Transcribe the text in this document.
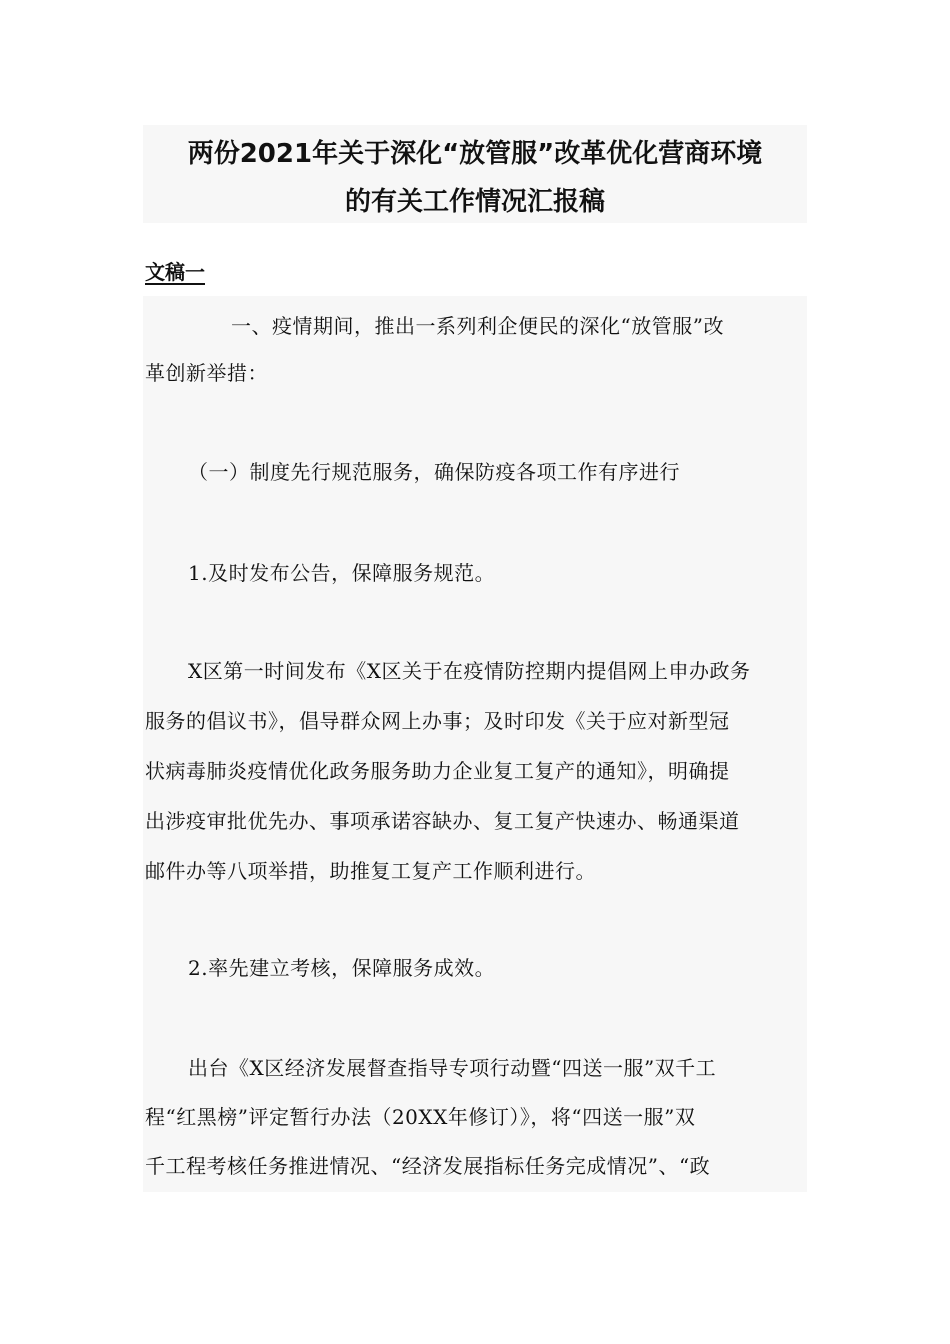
两份2021年关于深化“放管服”改革优化营商环境
的有关工作情况汇报稿
文稿一
一、疫情期间，推出一系列利企便民的深化“放管服”改
革创新举措：
（一）制度先行规范服务，确保防疫各项工作有序进行
1.及时发布公告，保障服务规范。
X区第一时间发布《X区关于在疫情防控期内提倡网上申办政务
服务的倡议书》，倡导群众网上办事；及时印发《关于应对新型冠
状病毒肺炎疫情优化政务服务助力企业复工复产的通知》，明确提
出涉疫审批优先办、事项承诺容缺办、复工复产快速办、畅通渠道
邮件办等八项举措，助推复工复产工作顺利进行。
2.率先建立考核，保障服务成效。
出台《X区经济发展督查指导专项行动暨“四送一服”双千工
程“红黑榜”评定暂行办法（20XX年修订）》，将“四送一服”双
千工程考核任务推进情况、“经济发展指标任务完成情况”、“政
